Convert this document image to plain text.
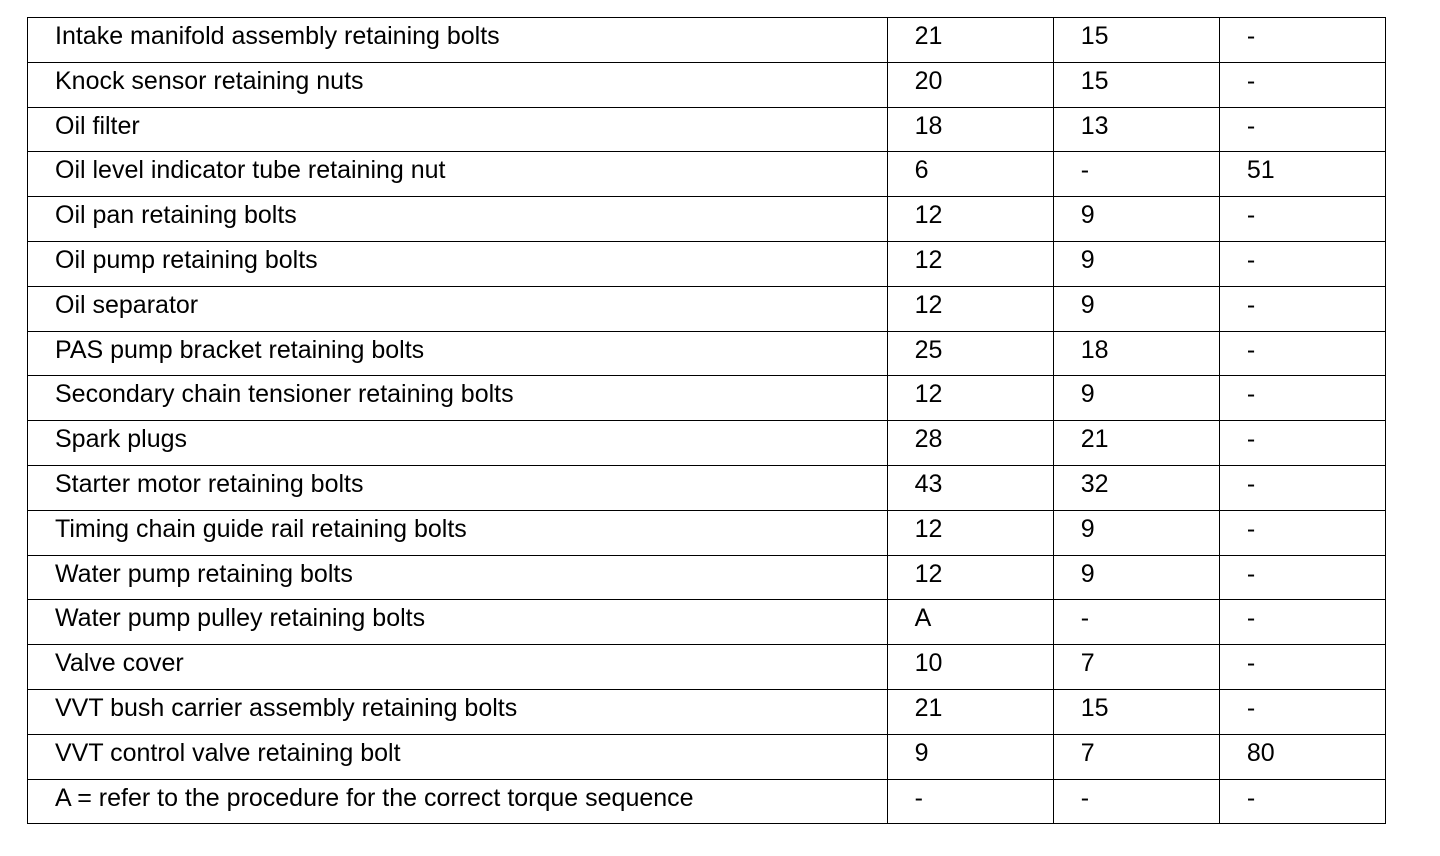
Intake manifold assembly retaining bolts	21	15	-

Knock sensor retaining nuts	20	15	-

Oil filter	18	13	-

Oil level indicator tube retaining nut	6	-	51

Oil pan retaining bolts	12	9	-

Oil pump retaining bolts	12	9	-

Oil separator	12	9	-

PAS pump bracket retaining bolts	25	18	-

Secondary chain tensioner retaining bolts	12	9	-

Spark plugs	28	21	-

Starter motor retaining bolts	43	32	-

Timing chain guide rail retaining bolts	12	9	-

Water pump retaining bolts	12	9	-

Water pump pulley retaining bolts	A	-	-

Valve cover	10	7	-

VVT bush carrier assembly retaining bolts	21	15	-

VVT control valve retaining bolt	9	7	80

A = refer to the procedure for the correct torque sequence	-	-	-
